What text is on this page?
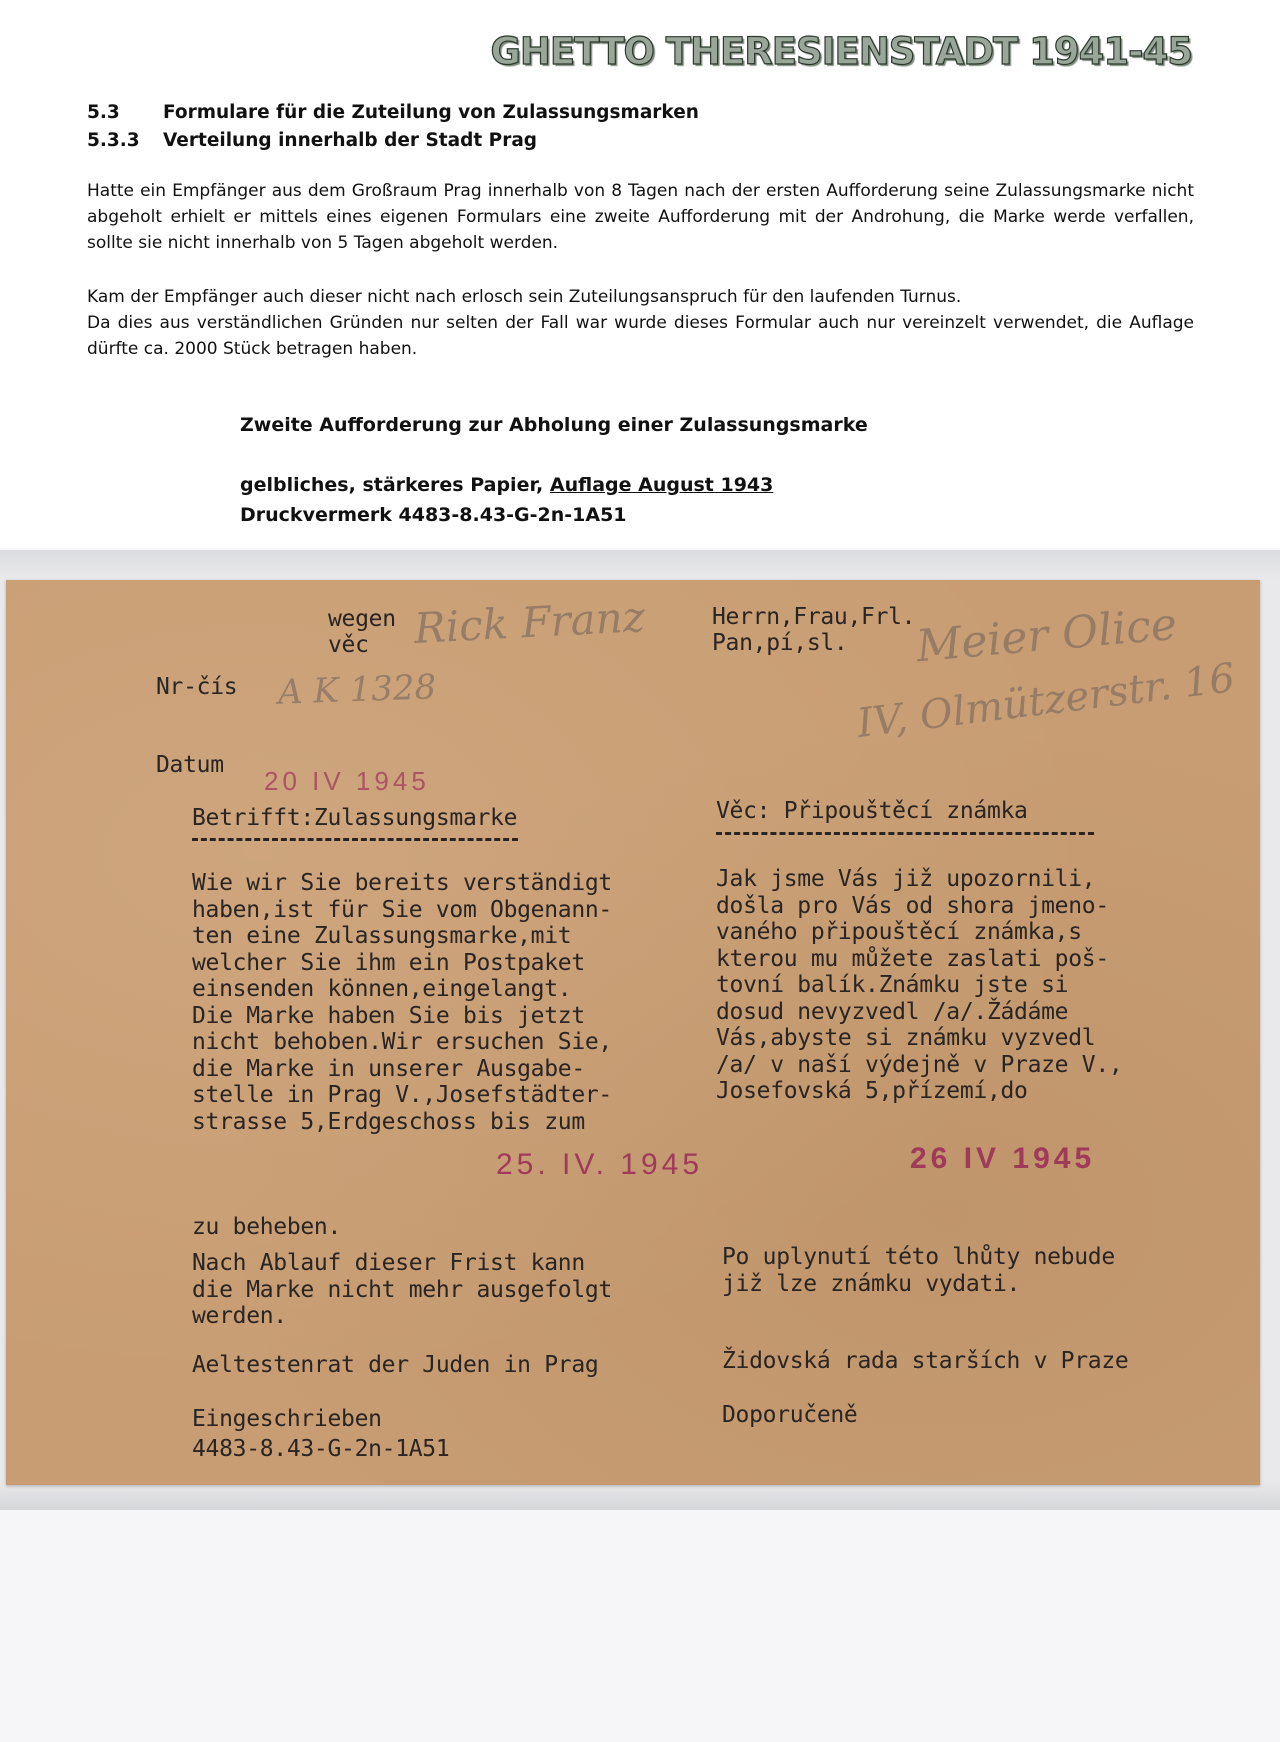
GHETTO THERESIENSTADT 1941-45
5.3 Formulare für die Zuteilung von Zulassungsmarken
5.3.3 Verteilung innerhalb der Stadt Prag

Hatte ein Empfänger aus dem Großraum Prag innerhalb von 8 Tagen nach der ersten Aufforderung seine Zulassungsmarke nicht abgeholt erhielt er mittels eines eigenen Formulars eine zweite Aufforderung mit der Androhung, die Marke werde verfallen, sollte sie nicht innerhalb von 5 Tagen abgeholt werden.

Kam der Empfänger auch dieser nicht nach erlosch sein Zuteilungsanspruch für den laufenden Turnus.

Da dies aus verständlichen Gründen nur selten der Fall war wurde dieses Formular auch nur vereinzelt verwendet, die Auflage dürfte ca. 2000 Stück betragen haben.

Zweite Aufforderung zur Abholung einer Zulassungsmarke
gelbliches, stärkeres Papier, Auflage August 1943
Druckvermerk 4483-8.43-G-2n-1A51
wegen
věc
Nr-čís
Datum
Rick Franz
A K 1328
Meier Olice
IV, Olmützerstr. 16
Herrn,Frau,Frl.
Pan,pí,sl.
20 IV 1945
Betrifft:Zulassungsmarke	Věc: Připouštěcí známka
Wie wir Sie bereits verständigt
haben,ist für Sie vom Obgenann-
ten eine Zulassungsmarke,mit
welcher Sie ihm ein Postpaket
einsenden können,eingelangt.
Die Marke haben Sie bis jetzt
nicht behoben.Wir ersuchen Sie,
die Marke in unserer Ausgabe-
stelle in Prag V.,Josefstädter-
strasse 5,Erdgeschoss bis zum
Jak jsme Vás již upozornili,
došla pro Vás od shora jmeno-
vaného připouštěcí známka,s
kterou mu můžete zaslati poš-
tovní balík.Známku jste si
dosud nevyzvedl /a/.Žádáme
Vás,abyste si známku vyzvedl
/a/ v naší výdejně v Praze V.,
Josefovská 5,přízemí,do
25. IV. 1945	26 IV 1945
zu beheben.
Nach Ablauf dieser Frist kann
die Marke nicht mehr ausgefolgt
werden.
Po uplynutí této lhůty nebude
již lze známku vydati.
Aeltestenrat der Juden in Prag	Židovská rada starších v Praze
Eingeschrieben	Doporučeně
4483-8.43-G-2n-1A51
